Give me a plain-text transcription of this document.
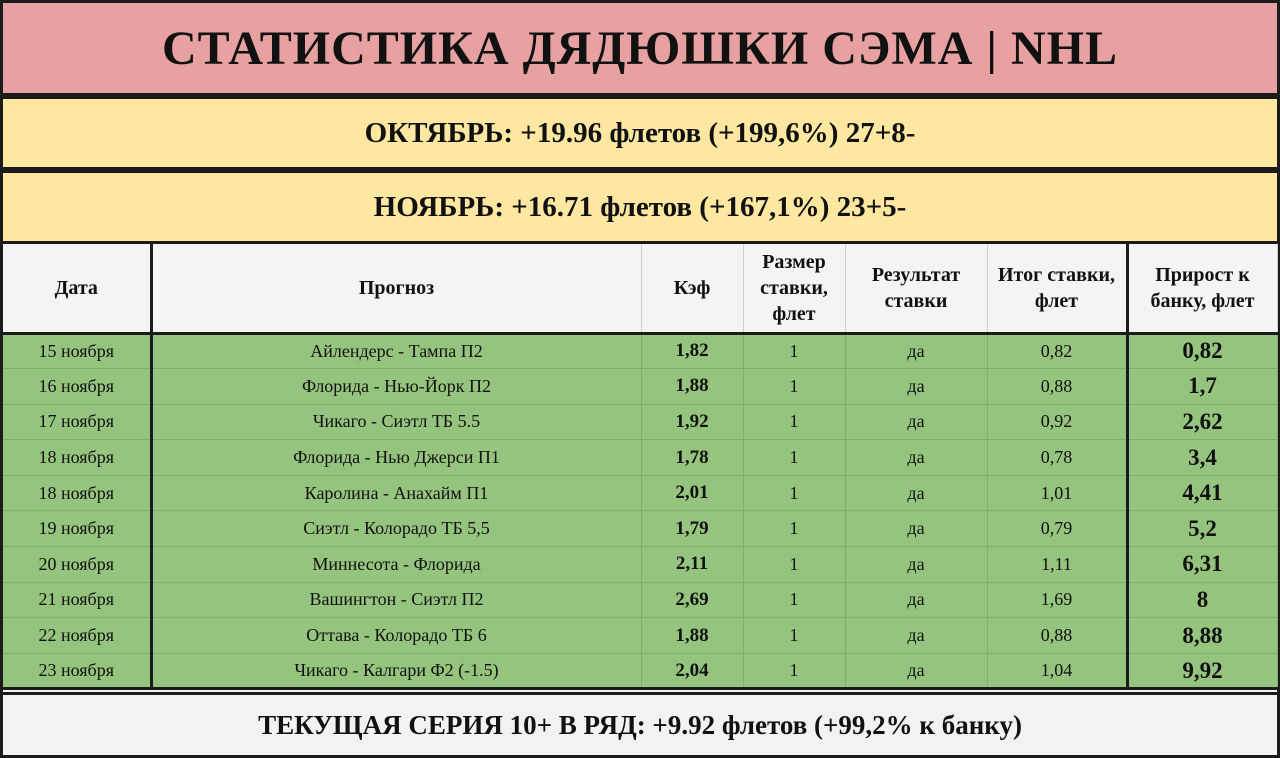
СТАТИСТИКА ДЯДЮШКИ СЭМА | NHL
ОКТЯБРЬ: +19.96 флетов (+199,6%) 27+8-
НОЯБРЬ: +16.71 флетов (+167,1%) 23+5-
Дата	Прогноз	Кэф	Размер ставки, флет	Результат ставки	Итог ставки, флет	Прирост к банку, флет
15 ноября	Айлендерс - Тампа П2	1,82	1	да	0,82	0,82
16 ноября	Флорида - Нью-Йорк П2	1,88	1	да	0,88	1,7
17 ноября	Чикаго - Сиэтл ТБ 5.5	1,92	1	да	0,92	2,62
18 ноября	Флорида - Нью Джерси П1	1,78	1	да	0,78	3,4
18 ноября	Каролина - Анахайм П1	2,01	1	да	1,01	4,41
19 ноября	Сиэтл - Колорадо ТБ 5,5	1,79	1	да	0,79	5,2
20 ноября	Миннесота - Флорида	2,11	1	да	1,11	6,31
21 ноября	Вашингтон - Сиэтл П2	2,69	1	да	1,69	8
22 ноября	Оттава - Колорадо ТБ 6	1,88	1	да	0,88	8,88
23 ноября	Чикаго - Калгари Ф2 (-1.5)	2,04	1	да	1,04	9,92
ТЕКУЩАЯ СЕРИЯ 10+ В РЯД: +9.92 флетов (+99,2% к банку)
